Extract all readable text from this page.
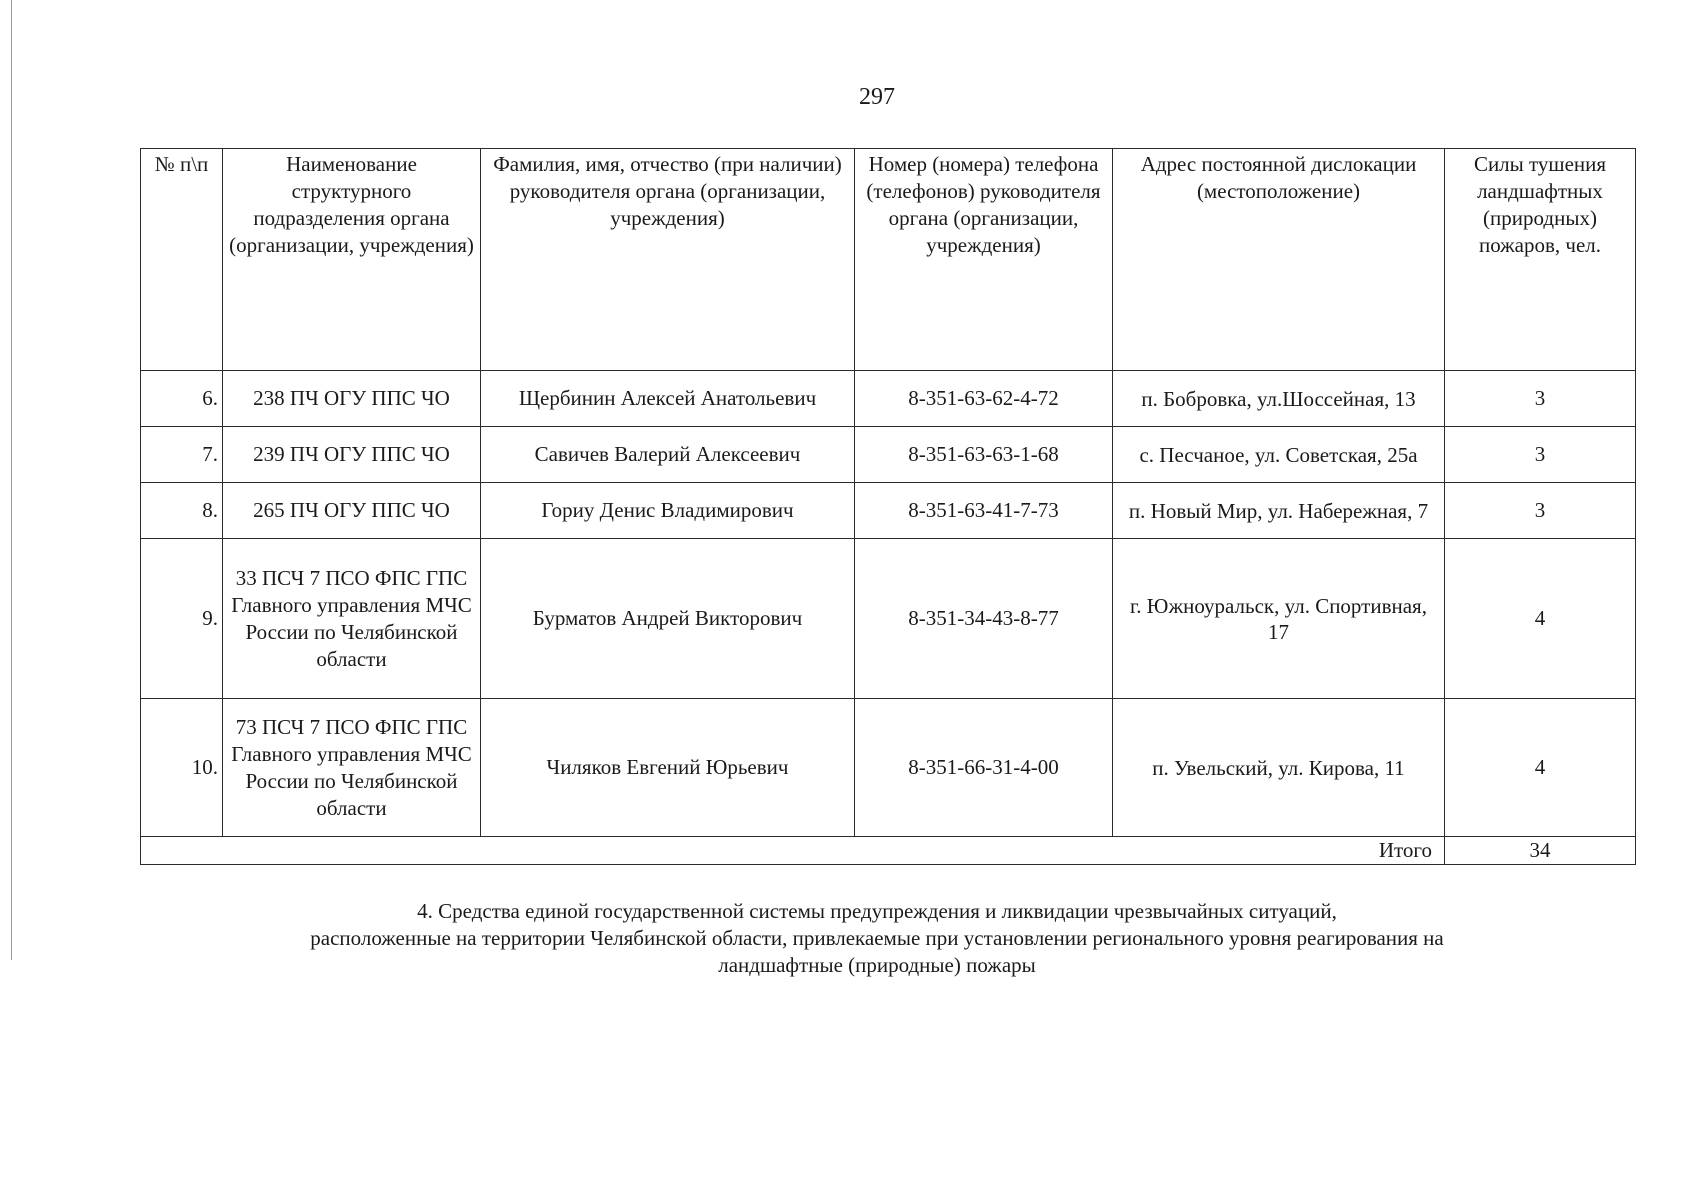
297
№ п\п	Наименование структурного подразделения органа (организации, учреждения)	Фамилия, имя, отчество (при наличии) руководителя органа (организации, учреждения)	Номер (номера) телефона (телефонов) руководителя органа (организации, учреждения)	Адрес постоянной дислокации (местоположение)	Силы тушения ландшафтных (природных) пожаров, чел.
6.	238 ПЧ ОГУ ППС ЧО	Щербинин Алексей Анатольевич	8-351-63-62-4-72	п. Бобровка, ул.Шоссейная, 13	3
7.	239 ПЧ ОГУ ППС ЧО	Савичев Валерий Алексеевич	8-351-63-63-1-68	с. Песчаное, ул. Советская, 25а	3
8.	265 ПЧ ОГУ ППС ЧО	Гориу Денис Владимирович	8-351-63-41-7-73	п. Новый Мир, ул. Набережная, 7	3
9.	33 ПСЧ 7 ПСО ФПС ГПС Главного управления МЧС России по Челябинской области	Бурматов Андрей Викторович	8-351-34-43-8-77	г. Южноуральск, ул. Спортивная, 17	4
10.	73 ПСЧ 7 ПСО ФПС ГПС Главного управления МЧС России по Челябинской области	Чиляков Евгений Юрьевич	8-351-66-31-4-00	п. Увельский, ул. Кирова, 11	4
Итого					34
4. Средства единой государственной системы предупреждения и ликвидации чрезвычайных ситуаций,
расположенные на территории Челябинской области, привлекаемые при установлении регионального уровня реагирования на
ландшафтные (природные) пожары
